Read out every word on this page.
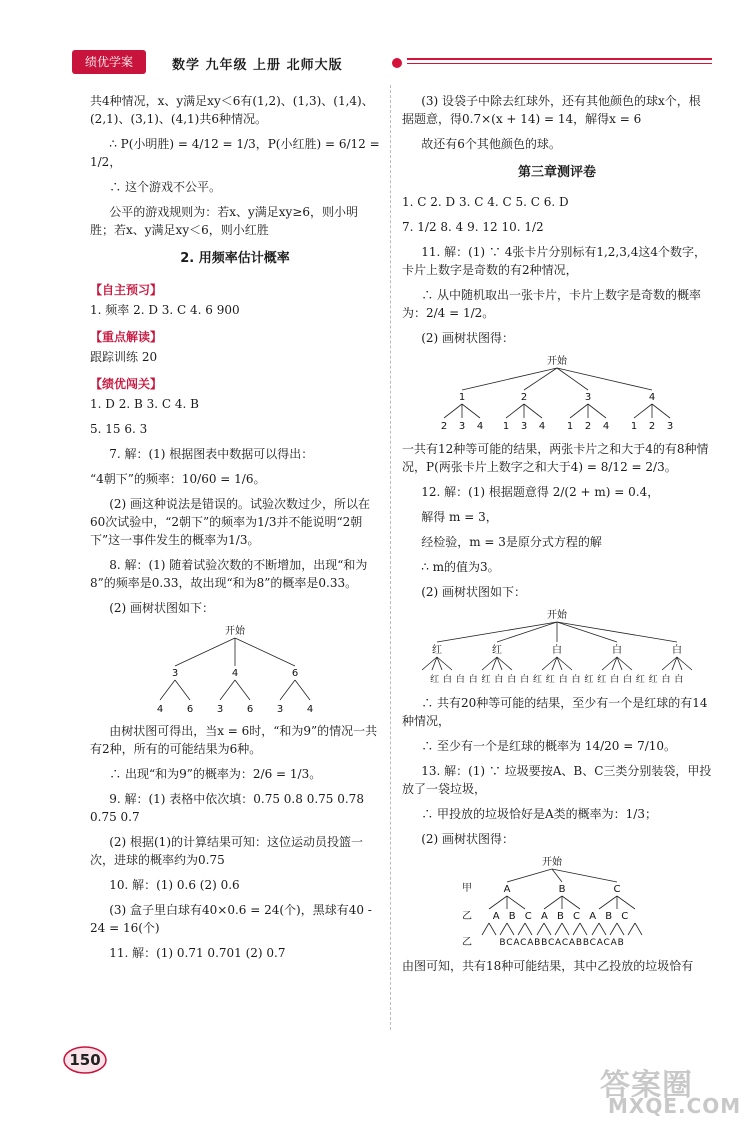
绩优学案	数学 九年级 上册 北师大版

共4种情况，x、y满足xy＜6有(1,2)、(1,3)、(1,4)、(2,1)、(3,1)、(4,1)共6种情况。

∴ P(小明胜) = 4/12 = 1/3，P(小红胜) = 6/12 = 1/2，

∴ 这个游戏不公平。

公平的游戏规则为：若x、y满足xy≥6，则小明胜；若x、y满足xy＜6，则小红胜

2. 用频率估计概率
【自主预习】

1. 频率 2. D 3. C 4. 6 900

【重点解读】

跟踪训练 20

【绩优闯关】

1. D 2. B 3. C 4. B

5. 15 6. 3

7. 解：(1) 根据图表中数据可以得出：

“4朝下”的频率：10/60 = 1/6。

(2) 画这种说法是错误的。试验次数过少，所以在60次试验中，“2朝下”的频率为1/3并不能说明“2朝下”这一事件发生的概率为1/3。

8. 解：(1) 随着试验次数的不断增加，出现“和为8”的频率是0.33，故出现“和为8”的概率是0.33。

(2) 画树状图如下：

开始
3	4	6
4 6 3 6 3 4

由树状图可得出，当x = 6时，“和为9”的情况一共有2种，所有的可能结果为6种。

∴ 出现“和为9”的概率为：2/6 = 1/3。

9. 解：(1) 表格中依次填：0.75 0.8 0.75 0.78 0.75 0.7

(2) 根据(1)的计算结果可知：这位运动员投篮一次，进球的概率约为0.75

10. 解：(1) 0.6 (2) 0.6

(3) 盒子里白球有40×0.6 = 24(个)，黑球有40 - 24 = 16(个)

11. 解：(1) 0.71 0.701 (2) 0.7

(3) 设袋子中除去红球外，还有其他颜色的球x个，根据题意，得0.7×(x + 14) = 14，解得x = 6

故还有6个其他颜色的球。

第三章测评卷

1. C 2. D 3. C 4. C 5. C 6. D

7. 1/2 8. 4 9. 12 10. 1/2

11. 解：(1) ∵ 4张卡片分别标有1,2,3,4这4个数字，卡片上数字是奇数的有2种情况，

∴ 从中随机取出一张卡片，卡片上数字是奇数的概率为：2/4 = 1/2。

(2) 画树状图得：

开始
1	2	3	4
2 3 4 1 3 4 1 2 4 1 2 3

一共有12种等可能的结果，两张卡片之和大于4的有8种情况，P(两张卡片上数字之和大于4) = 8/12 = 2/3。

12. 解：(1) 根据题意得 2/(2 + m) = 0.4，

解得 m = 3，

经检验，m = 3是原分式方程的解

∴ m的值为3。

(2) 画树状图如下：

开始
红	红	白	白	白
红 白 白 白 红 白 白 白 红 红 白 白 红 红 白 白 红 红 白 白

∴ 共有20种等可能的结果，至少有一个是红球的有14种情况，

∴ 至少有一个是红球的概率为 14/20 = 7/10。

13. 解：(1) ∵ 垃圾要按A、B、C三类分别装袋，甲投放了一袋垃圾，

∴ 甲投放的垃圾恰好是A类的概率为：1/3；

(2) 画树状图得：

开始
甲
乙
乙
A	B	C
A B C A B C A B C
BCACABBCACABBCACAB

由图可知，共有18种可能结果，其中乙投放的垃圾恰有

150
答案圈
MXQE.COM
